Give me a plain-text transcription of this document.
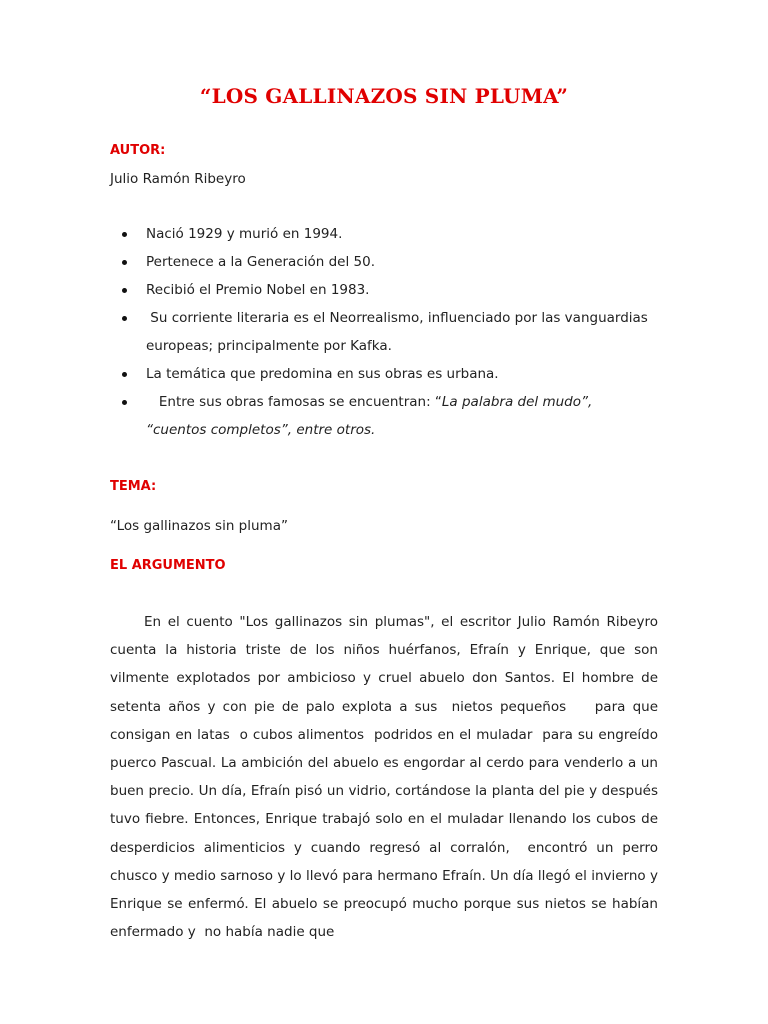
“LOS GALLINAZOS SIN PLUMA”
AUTOR:
Julio Ramón Ribeyro
Nació 1929 y murió en 1994.
Pertenece a la Generación del 50.
Recibió el Premio Nobel en 1983.
Su corriente literaria es el Neorrealismo, influenciado por las vanguardias europeas; principalmente por Kafka.
La temática que predomina en sus obras es urbana.
Entre sus obras famosas se encuentran: “La palabra del mudo”, “cuentos completos”, entre otros.
TEMA:
“Los gallinazos sin pluma”
EL ARGUMENTO

En el cuento "Los gallinazos sin plumas", el escritor Julio Ramón Ribeyro cuenta la historia triste de los niños huérfanos, Efraín y Enrique, que son vilmente explotados por ambicioso y cruel abuelo don Santos. El hombre de setenta años y con pie de palo explota a sus  nietos pequeños    para que consigan en latas  o cubos alimentos  podridos en el muladar  para su engreído puerco Pascual. La ambición del abuelo es engordar al cerdo para venderlo a un buen precio. Un día, Efraín pisó un vidrio, cortándose la planta del pie y después tuvo fiebre. Entonces, Enrique trabajó solo en el muladar llenando los cubos de desperdicios alimenticios y cuando regresó al corralón,  encontró un perro chusco y medio sarnoso y lo llevó para hermano Efraín. Un día llegó el invierno y Enrique se enfermó. El abuelo se preocupó mucho porque sus nietos se habían enfermado y  no había nadie que
